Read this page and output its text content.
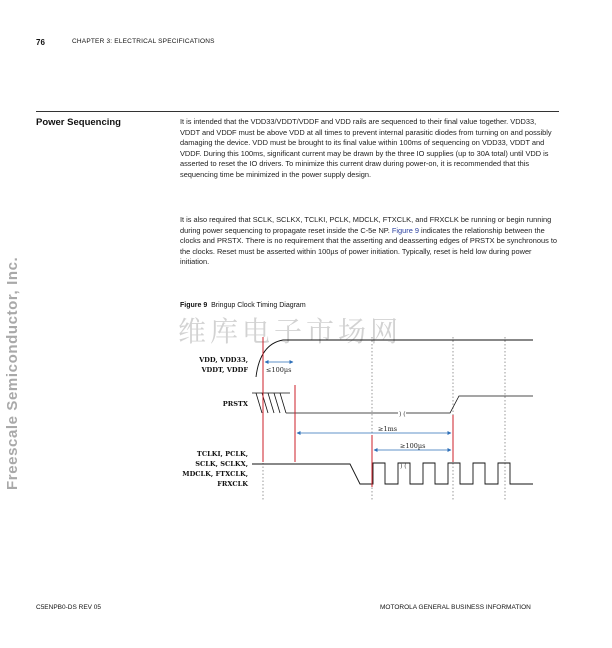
76	CHAPTER 3: ELECTRICAL SPECIFICATIONS
Freescale Semiconductor, Inc.
Power Sequencing	It is intended that the VDD33/VDDT/VDDF and VDD rails are sequenced to their final value together. VDD33, VDDT and VDDF must be above VDD at all times to prevent internal parasitic diodes from turning on and possibly damaging the device. VDD must be brought to its final value within 100ms of sequencing on VDD33, VDDT and VDDF. During this 100ms, significant current may be drawn by the three IO supplies (up to 30A total) until VDD is asserted to reset the IO drivers. To minimize this current draw during power-on, it is recommended that this sequencing time be minimized in the power supply design.
It is also required that SCLK, SCLKX, TCLKI, PCLK, MDCLK, FTXCLK, and FRXCLK be running or begin running during power sequencing to propagate reset inside the C-5e NP. Figure 9 indicates the relationship between the clocks and PRSTX. There is no requirement that the asserting and deasserting edges of PRSTX be synchronous to the clocks. Reset must be asserted within 100µs of power initiation. Typically, reset is held low during power initiation.
Figure 9 Bringup Clock Timing Diagram
维库电子市场网
) (
) (
≤100µs
≥1ms
≥100µs
VDD, VDD33,
VDDT, VDDF
PRSTX
TCLKI, PCLK,
SCLK, SCLKX,
MDCLK, FTXCLK,
FRXCLK
C5ENPB0-DS REV 05	MOTOROLA GENERAL BUSINESS INFORMATION
